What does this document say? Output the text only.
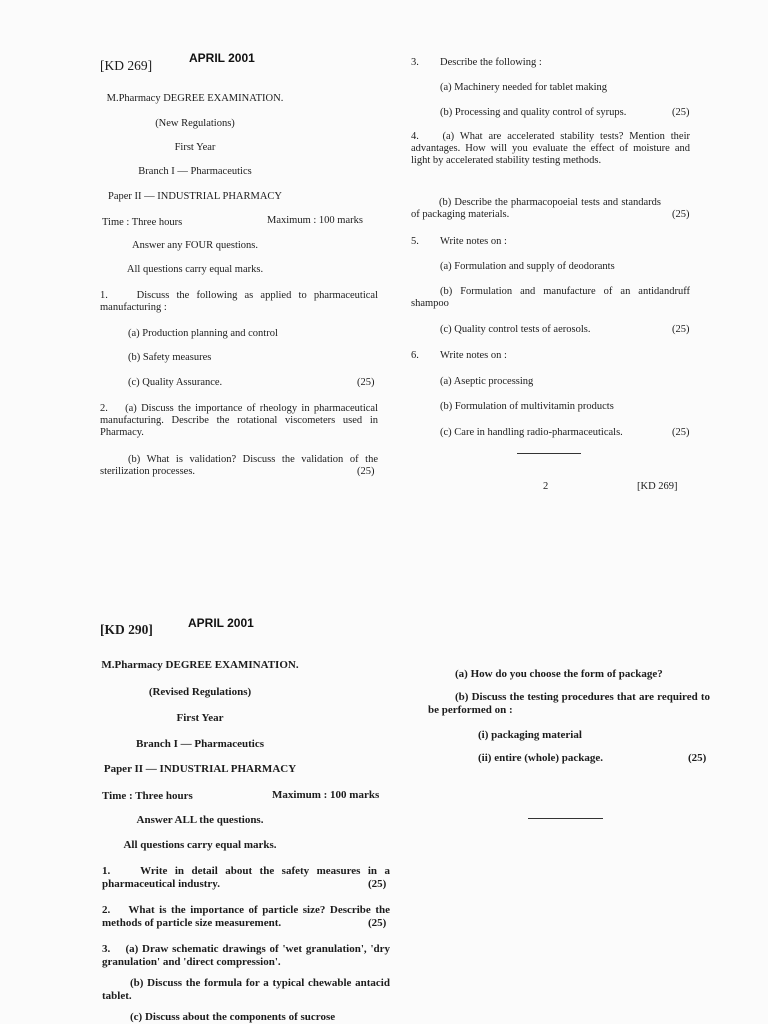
[KD 269]	APRIL 2001
M.Pharmacy DEGREE EXAMINATION.
(New Regulations)
First Year
Branch I — Pharmaceutics
Paper II — INDUSTRIAL PHARMACY
Time : Three hours	Maximum : 100 marks
Answer any FOUR questions.
All questions carry equal marks.
1.	Discuss the following as applied to pharmaceutical manufacturing :
(a) Production planning and control
(b) Safety measures
(c) Quality Assurance.	(25)
2. (a) Discuss the importance of rheology in pharmaceutical manufacturing. Describe the rotational viscometers used in Pharmacy.
(b) What is validation? Discuss the validation of the sterilization processes.	(25)
3. Describe the following :
(a) Machinery needed for tablet making
(b) Processing and quality control of syrups.	(25)
4. (a) What are accelerated stability tests? Mention their advantages. How will you evaluate the effect of moisture and light by accelerated stability testing methods.
(b) Describe the pharmacopoeial tests and standards of packaging materials.	(25)
5. Write notes on :
(a) Formulation and supply of deodorants
(b) Formulation and manufacture of an antidandruff shampoo
(c) Quality control tests of aerosols.	(25)
6. Write notes on :
(a) Aseptic processing
(b) Formulation of multivitamin products
(c) Care in handling radio-pharmaceuticals.	(25)
2	[KD 269]
[KD 290]	APRIL 2001
M.Pharmacy DEGREE EXAMINATION.
(Revised Regulations)
First Year
Branch I — Pharmaceutics
Paper II — INDUSTRIAL PHARMACY
Time : Three hours	Maximum : 100 marks
Answer ALL the questions.
All questions carry equal marks.
1.	Write in detail about the safety measures in a pharmaceutical industry.	(25)
2. What is the importance of particle size? Describe the methods of particle size measurement.	(25)
3. (a) Draw schematic drawings of 'wet granulation', 'dry granulation' and 'direct compression'.
(b) Discuss the formula for a typical chewable antacid tablet.
(c) Discuss about the components of sucrose
(a) How do you choose the form of package?
(b) Discuss the testing procedures that are required to be performed on :
(i) packaging material
(ii) entire (whole) package.	(25)
